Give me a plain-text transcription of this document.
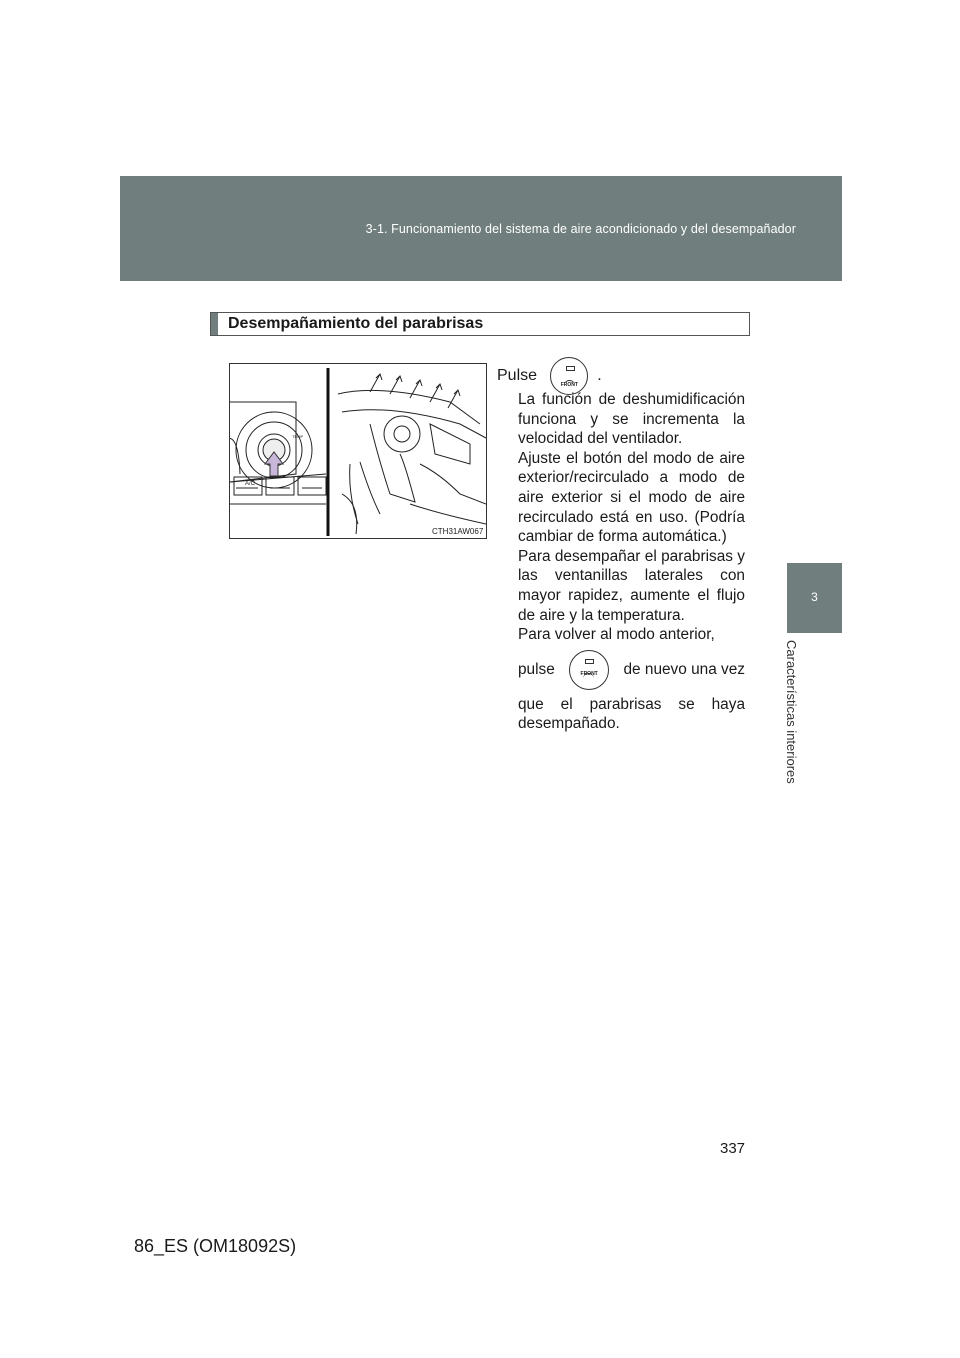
3-1. Funcionamiento del sistema de aire acondicionado y del desempañador
3
Características interiores
Desempañamiento del parabrisas
A/C
TEMP
CTH31AW067
Pulse
FRONT
.

La función de deshumidificación funciona y se incrementa la velocidad del ventilador.

Ajuste el botón del modo de aire exterior/recirculado a modo de aire exterior si el modo de aire recirculado está en uso. (Podría cambiar de forma automática.)

Para desempañar el parabrisas y las ventanillas laterales con mayor rapidez, aumente el flujo de aire y la temperatura.

Para volver al modo anterior,

pulse	FRONT	de nuevo una vez

que el parabrisas se haya desempañado.

337
86_ES (OM18092S)
